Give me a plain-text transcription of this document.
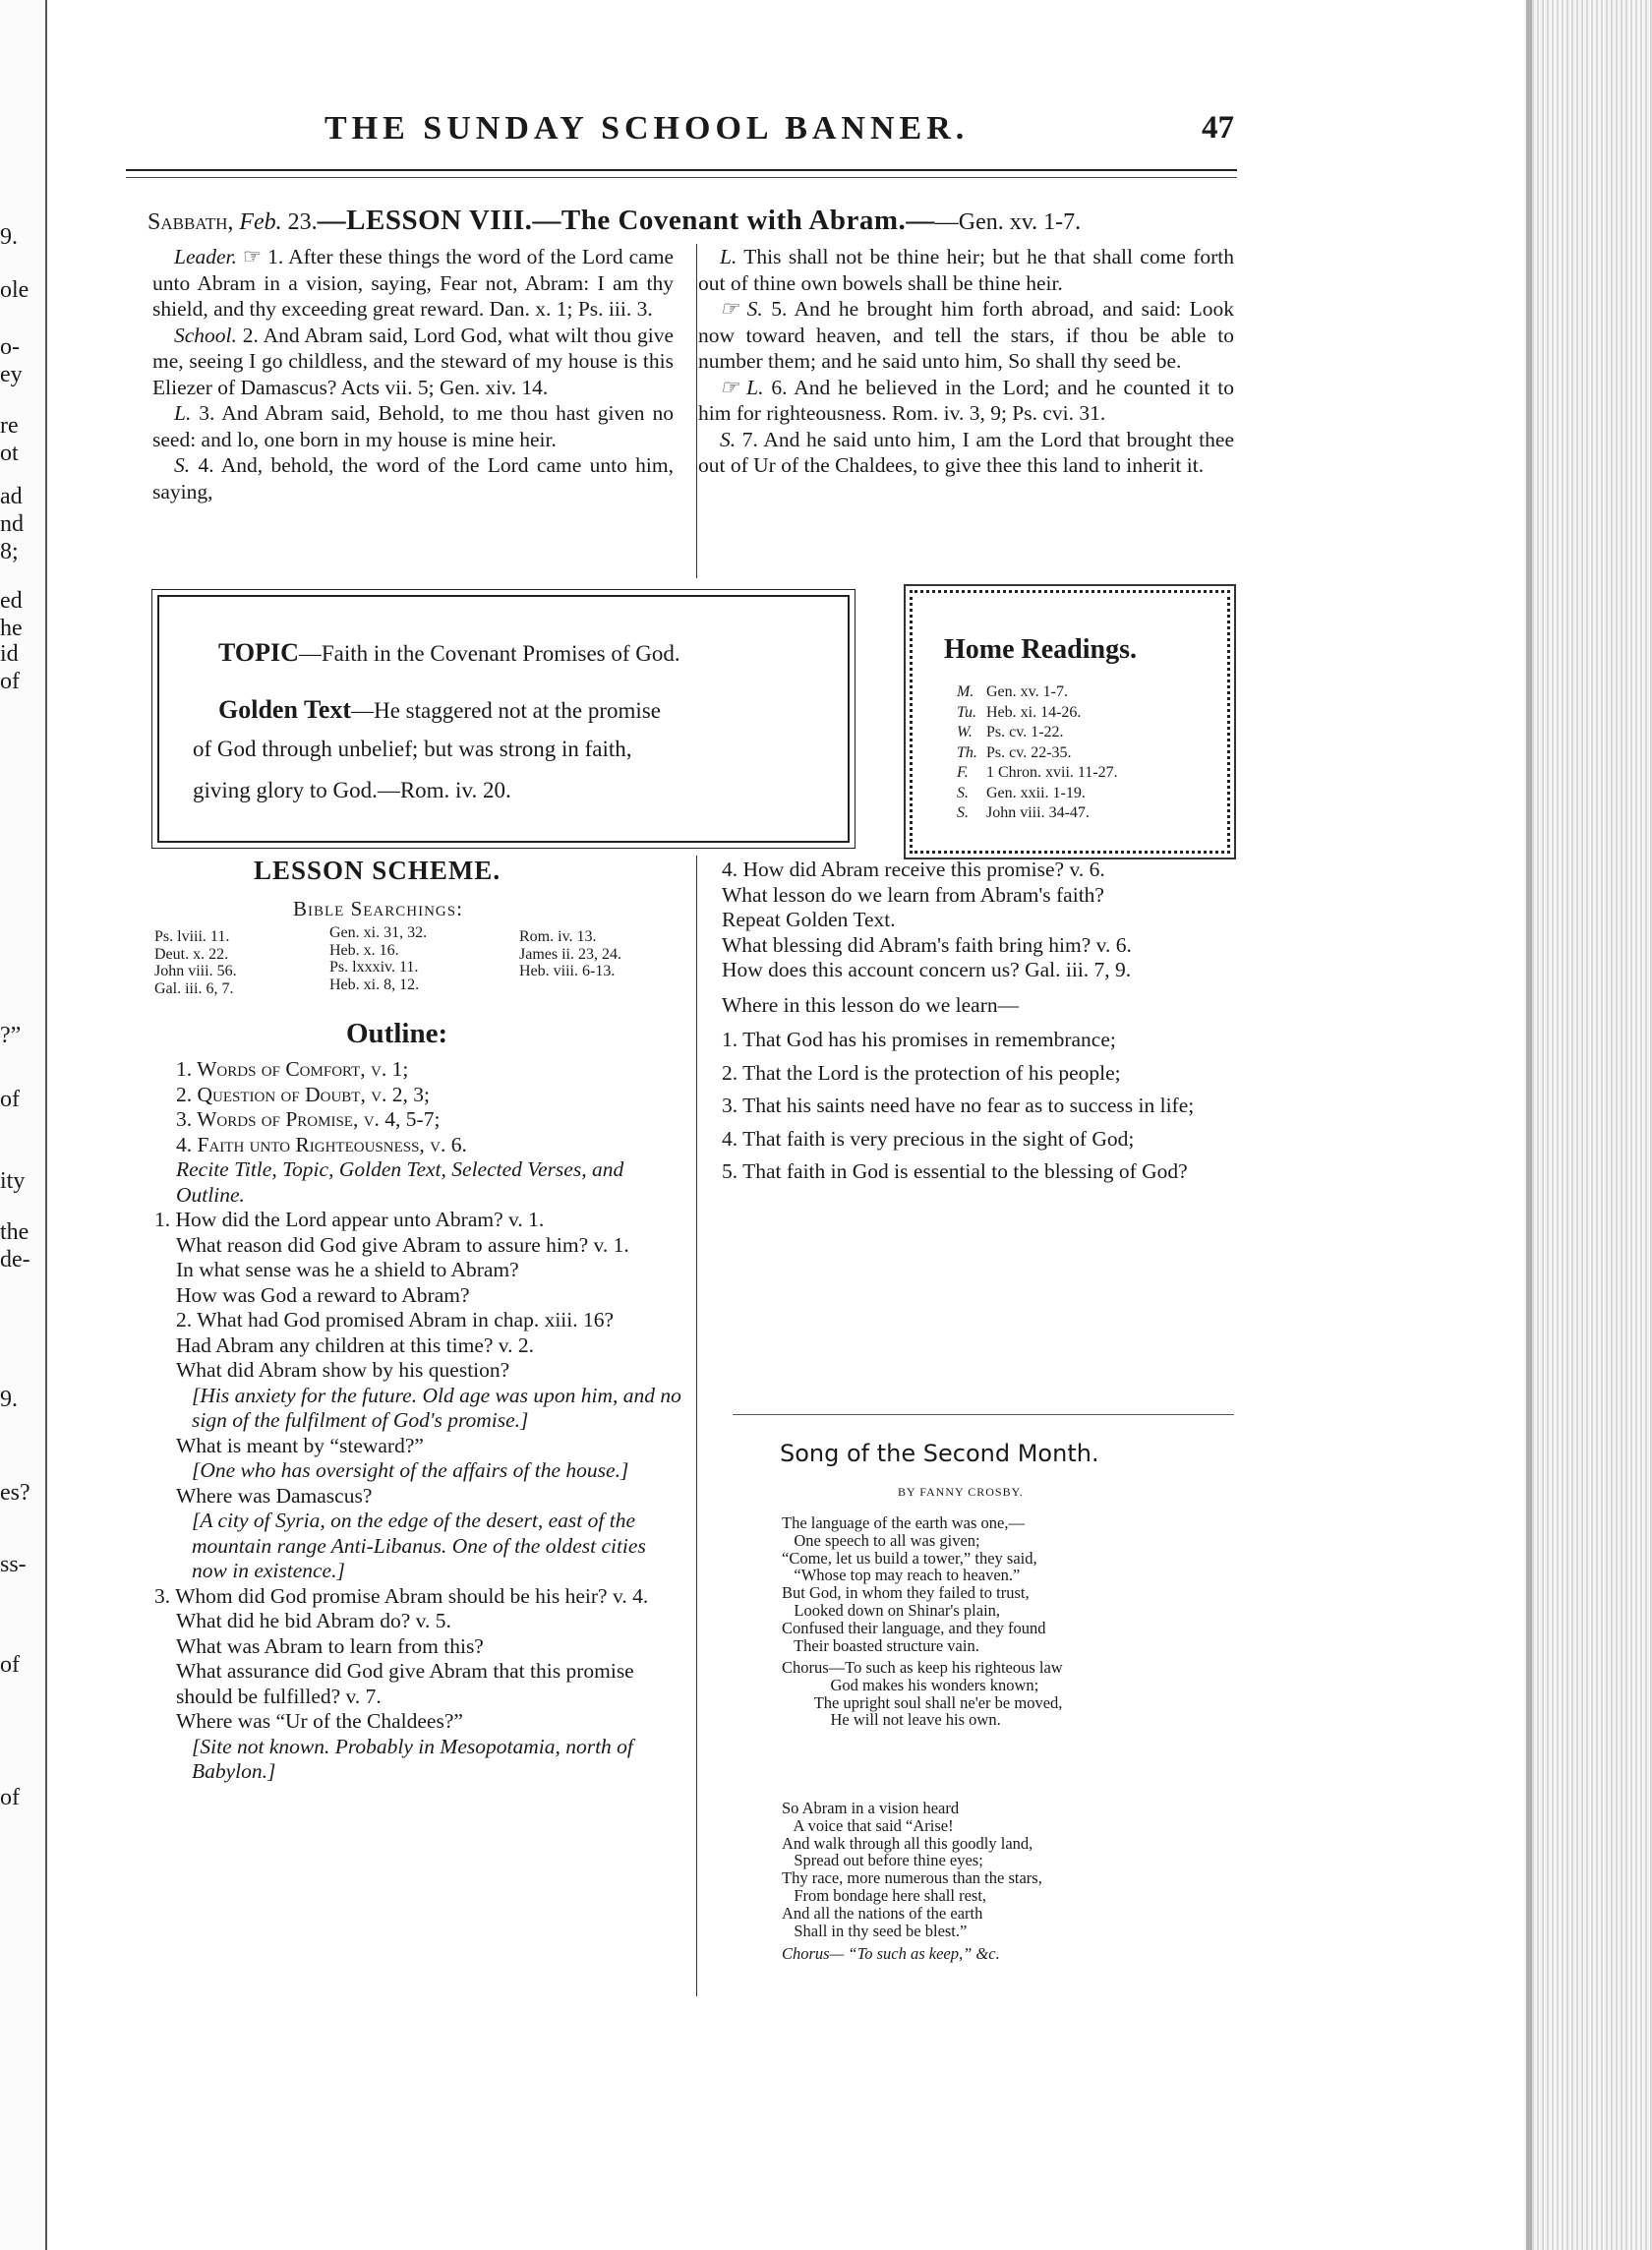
9.
ole
o-
ey
re
ot
ad
nd
8;
ed
he
id
of
?”
of
ity
the
de-
9.
es?
ss-
of
of
THE SUNDAY SCHOOL BANNER.	47
Sabbath, Feb. 23.—LESSON VIII.—The Covenant with Abram.——Gen. xv. 1-7.

Leader. ☞ 1. After these things the word of the Lord came unto Abram in a vision, saying, Fear not, Abram: I am thy shield, and thy exceeding great reward. Dan. x. 1; Ps. iii. 3.

School. 2. And Abram said, Lord God, what wilt thou give me, seeing I go childless, and the steward of my house is this Eliezer of Damascus? Acts vii. 5; Gen. xiv. 14.

L. 3. And Abram said, Behold, to me thou hast given no seed: and lo, one born in my house is mine heir.

S. 4. And, behold, the word of the Lord came unto him, saying,

L. This shall not be thine heir; but he that shall come forth out of thine own bowels shall be thine heir.

☞ S. 5. And he brought him forth abroad, and said: Look now toward heaven, and tell the stars, if thou be able to number them; and he said unto him, So shall thy seed be.

☞ L. 6. And he believed in the Lord; and he counted it to him for righteousness. Rom. iv. 3, 9; Ps. cvi. 31.

S. 7. And he said unto him, I am the Lord that brought thee out of Ur of the Chaldees, to give thee this land to inherit it.

TOPIC—Faith in the Covenant Promises of God.
Golden Text—He staggered not at the promise
of God through unbelief; but was strong in faith,
giving glory to God.—Rom. iv. 20.
Home Readings.
M. Gen. xv. 1-7.
Tu. Heb. xi. 14-26.
W. Ps. cv. 1-22.
Th. Ps. cv. 22-35.
F. 1 Chron. xvii. 11-27.
S. Gen. xxii. 1-19.
S. John viii. 34-47.
LESSON SCHEME.
Bible Searchings:
Ps. lviii. 11.
Deut. x. 22.
John viii. 56.
Gal. iii. 6, 7.
Gen. xi. 31, 32.
Heb. x. 16.
Ps. lxxxiv. 11.
Heb. xi. 8, 12.
Rom. iv. 13.
James ii. 23, 24.
Heb. viii. 6-13.
Outline:
1. Words of Comfort, v. 1;
2. Question of Doubt, v. 2, 3;
3. Words of Promise, v. 4, 5-7;
4. Faith unto Righteousness, v. 6.
Recite Title, Topic, Golden Text, Selected Verses, and Outline.
1. How did the Lord appear unto Abram? v. 1.
What reason did God give Abram to assure him? v. 1.
In what sense was he a shield to Abram?
How was God a reward to Abram?
2. What had God promised Abram in chap. xiii. 16?
Had Abram any children at this time? v. 2.
What did Abram show by his question?
[His anxiety for the future. Old age was upon him, and no sign of the fulfilment of God's promise.]
What is meant by “steward?”
[One who has oversight of the affairs of the house.]
Where was Damascus?
[A city of Syria, on the edge of the desert, east of the mountain range Anti-Libanus. One of the oldest cities now in existence.]
3. Whom did God promise Abram should be his heir? v. 4.
What did he bid Abram do? v. 5.
What was Abram to learn from this?
What assurance did God give Abram that this promise should be fulfilled? v. 7.
Where was “Ur of the Chaldees?”
[Site not known. Probably in Mesopotamia, north of Babylon.]
4. How did Abram receive this promise? v. 6.
What lesson do we learn from Abram's faith?
Repeat Golden Text.
What blessing did Abram's faith bring him? v. 6.
How does this account concern us? Gal. iii. 7, 9.
Where in this lesson do we learn—
1. That God has his promises in remembrance;
2. That the Lord is the protection of his people;
3. That his saints need have no fear as to success in life;
4. That faith is very precious in the sight of God;
5. That faith in God is essential to the blessing of God?
Song of the Second Month.
BY FANNY CROSBY.
The language of the earth was one,—
One speech to all was given;
“Come, let us build a tower,” they said,
“Whose top may reach to heaven.”
But God, in whom they failed to trust,
Looked down on Shinar's plain,
Confused their language, and they found
Their boasted structure vain.
Chorus—To such as keep his righteous law
God makes his wonders known;
The upright soul shall ne'er be moved,
He will not leave his own.
So Abram in a vision heard
A voice that said “Arise!
And walk through all this goodly land,
Spread out before thine eyes;
Thy race, more numerous than the stars,
From bondage here shall rest,
And all the nations of the earth
Shall in thy seed be blest.”
Chorus— “To such as keep,” &c.
